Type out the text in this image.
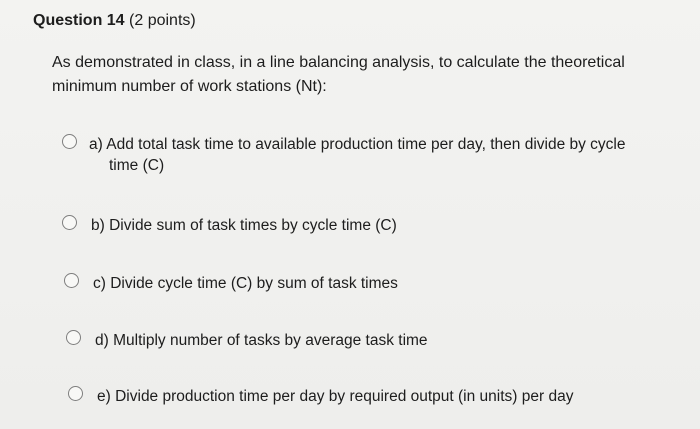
Question 14 (2 points)
As demonstrated in class, in a line balancing analysis, to calculate the theoretical minimum number of work stations (Nt):
a) Add total task time to available production time per day, then divide by cycle
time (C)
b) Divide sum of task times by cycle time (C)
c) Divide cycle time (C) by sum of task times
d) Multiply number of tasks by average task time
e) Divide production time per day by required output (in units) per day
